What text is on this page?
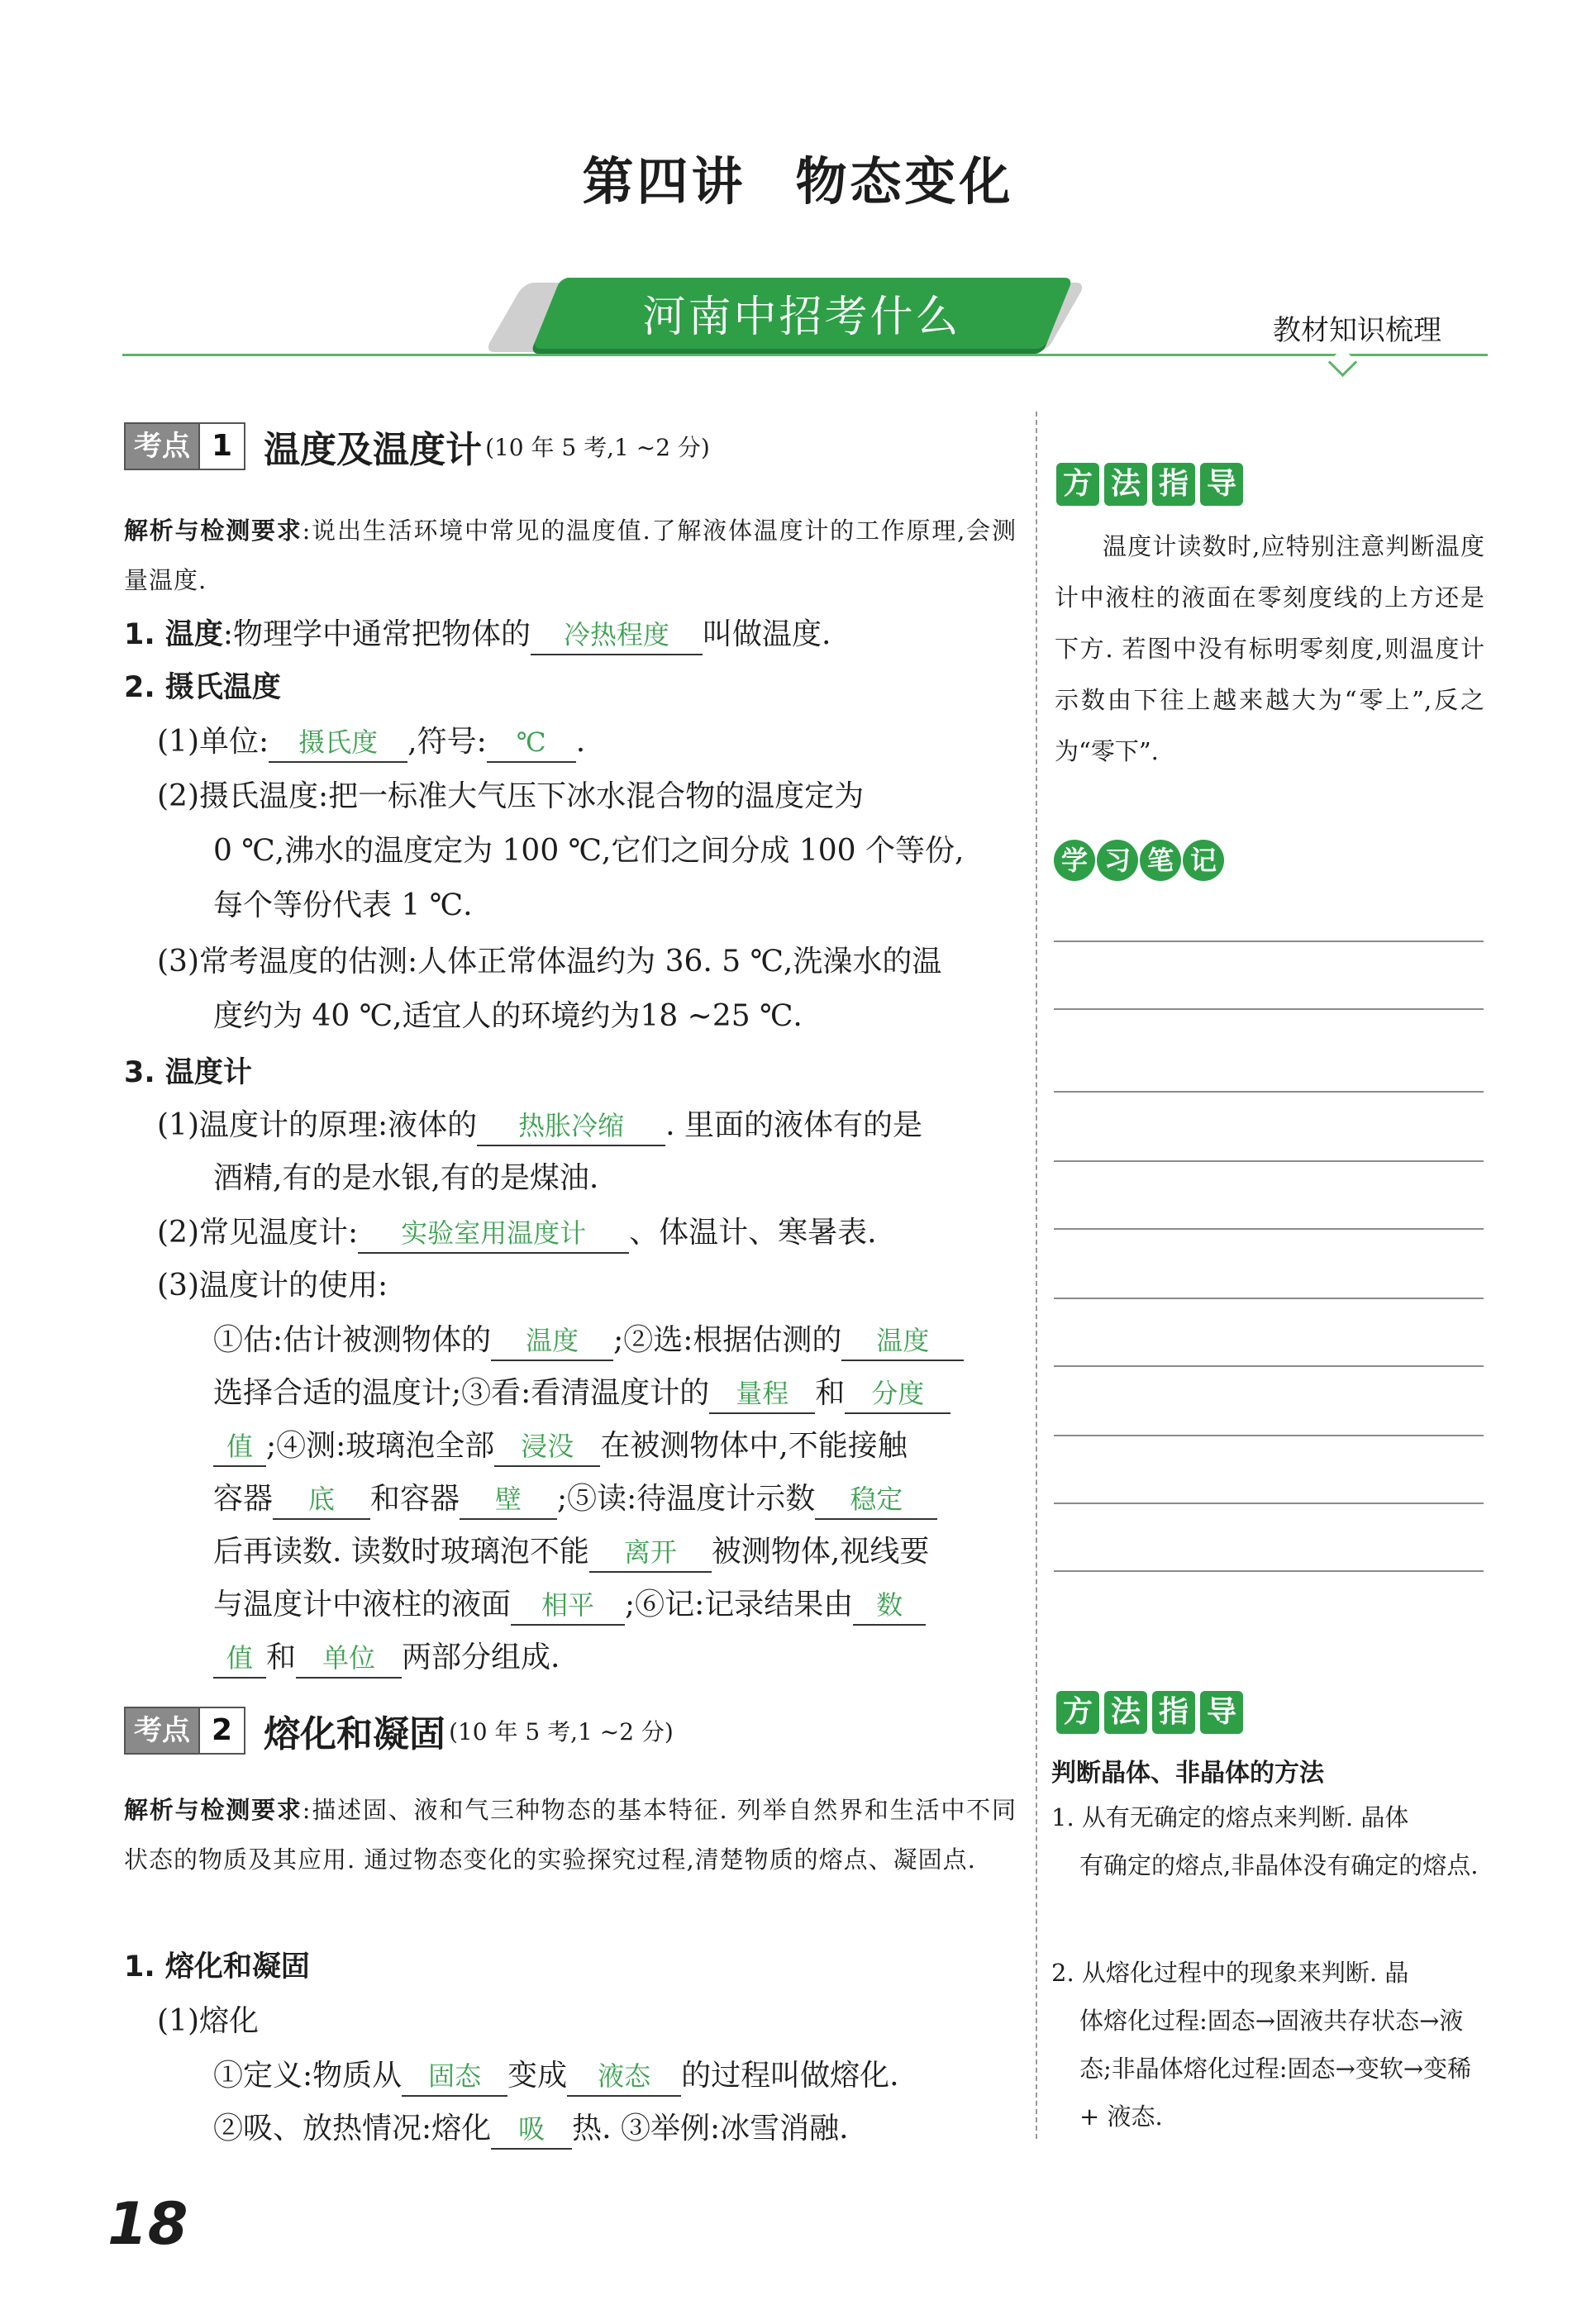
第四讲 物态变化
河南中招考什么	教材知识梳理
考点 1 温度及温度计 (10 年 5 考,1 ~2 分)
解析与检测要求:说出生活环境中常见的温度值.了解液体温度计的工作原理,会测量温度.
1. 温度:物理学中通常把物体的 冷热程度 叫做温度.
2. 摄氏温度
(1)单位: 摄氏度 ,符号: ℃ .
(2)摄氏温度:把一标准大气压下冰水混合物的温度定为
0 ℃,沸水的温度定为 100 ℃,它们之间分成 100 个等份,
每个等份代表 1 ℃.
(3)常考温度的估测:人体正常体温约为 36. 5 ℃,洗澡水的温
度约为 40 ℃,适宜人的环境约为18 ~25 ℃.
3. 温度计
(1)温度计的原理:液体的 热胀冷缩 . 里面的液体有的是
酒精,有的是水银,有的是煤油.
(2)常见温度计: 实验室用温度计 、体温计、寒暑表.
(3)温度计的使用:
①估:估计被测物体的 温度 ;②选:根据估测的 温度
选择合适的温度计;③看:看清温度计的 量程 和 分度
值 ;④测:玻璃泡全部 浸没 在被测物体中,不能接触
容器 底 和容器 壁 ;⑤读:待温度计示数 稳定
后再读数. 读数时玻璃泡不能 离开 被测物体,视线要
与温度计中液柱的液面 相平 ;⑥记:记录结果由 数
值 和 单位 两部分组成.
考点 2 熔化和凝固 (10 年 5 考,1 ~2 分)
解析与检测要求:描述固、液和气三种物态的基本特征. 列举自然界和生活中不同状态的物质及其应用. 通过物态变化的实验探究过程,清楚物质的熔点、凝固点.
1. 熔化和凝固
(1)熔化
①定义:物质从 固态 变成 液态 的过程叫做熔化.
②吸、放热情况:熔化 吸 热. ③举例:冰雪消融.
方 法 指 导
温度计读数时,应特别注意判断温度计中液柱的液面在零刻度线的上方还是下方. 若图中没有标明零刻度,则温度计示数由下往上越来越大为“零上”,反之为“零下”.
学 习 笔 记
方 法 指 导
判断晶体、非晶体的方法
1. 从有无确定的熔点来判断. 晶体
有确定的熔点,非晶体没有确定的熔点.
2. 从熔化过程中的现象来判断. 晶
体熔化过程:固态→固液共存状态→液态;非晶体熔化过程:固态→变软→变稀 + 液态.
18
